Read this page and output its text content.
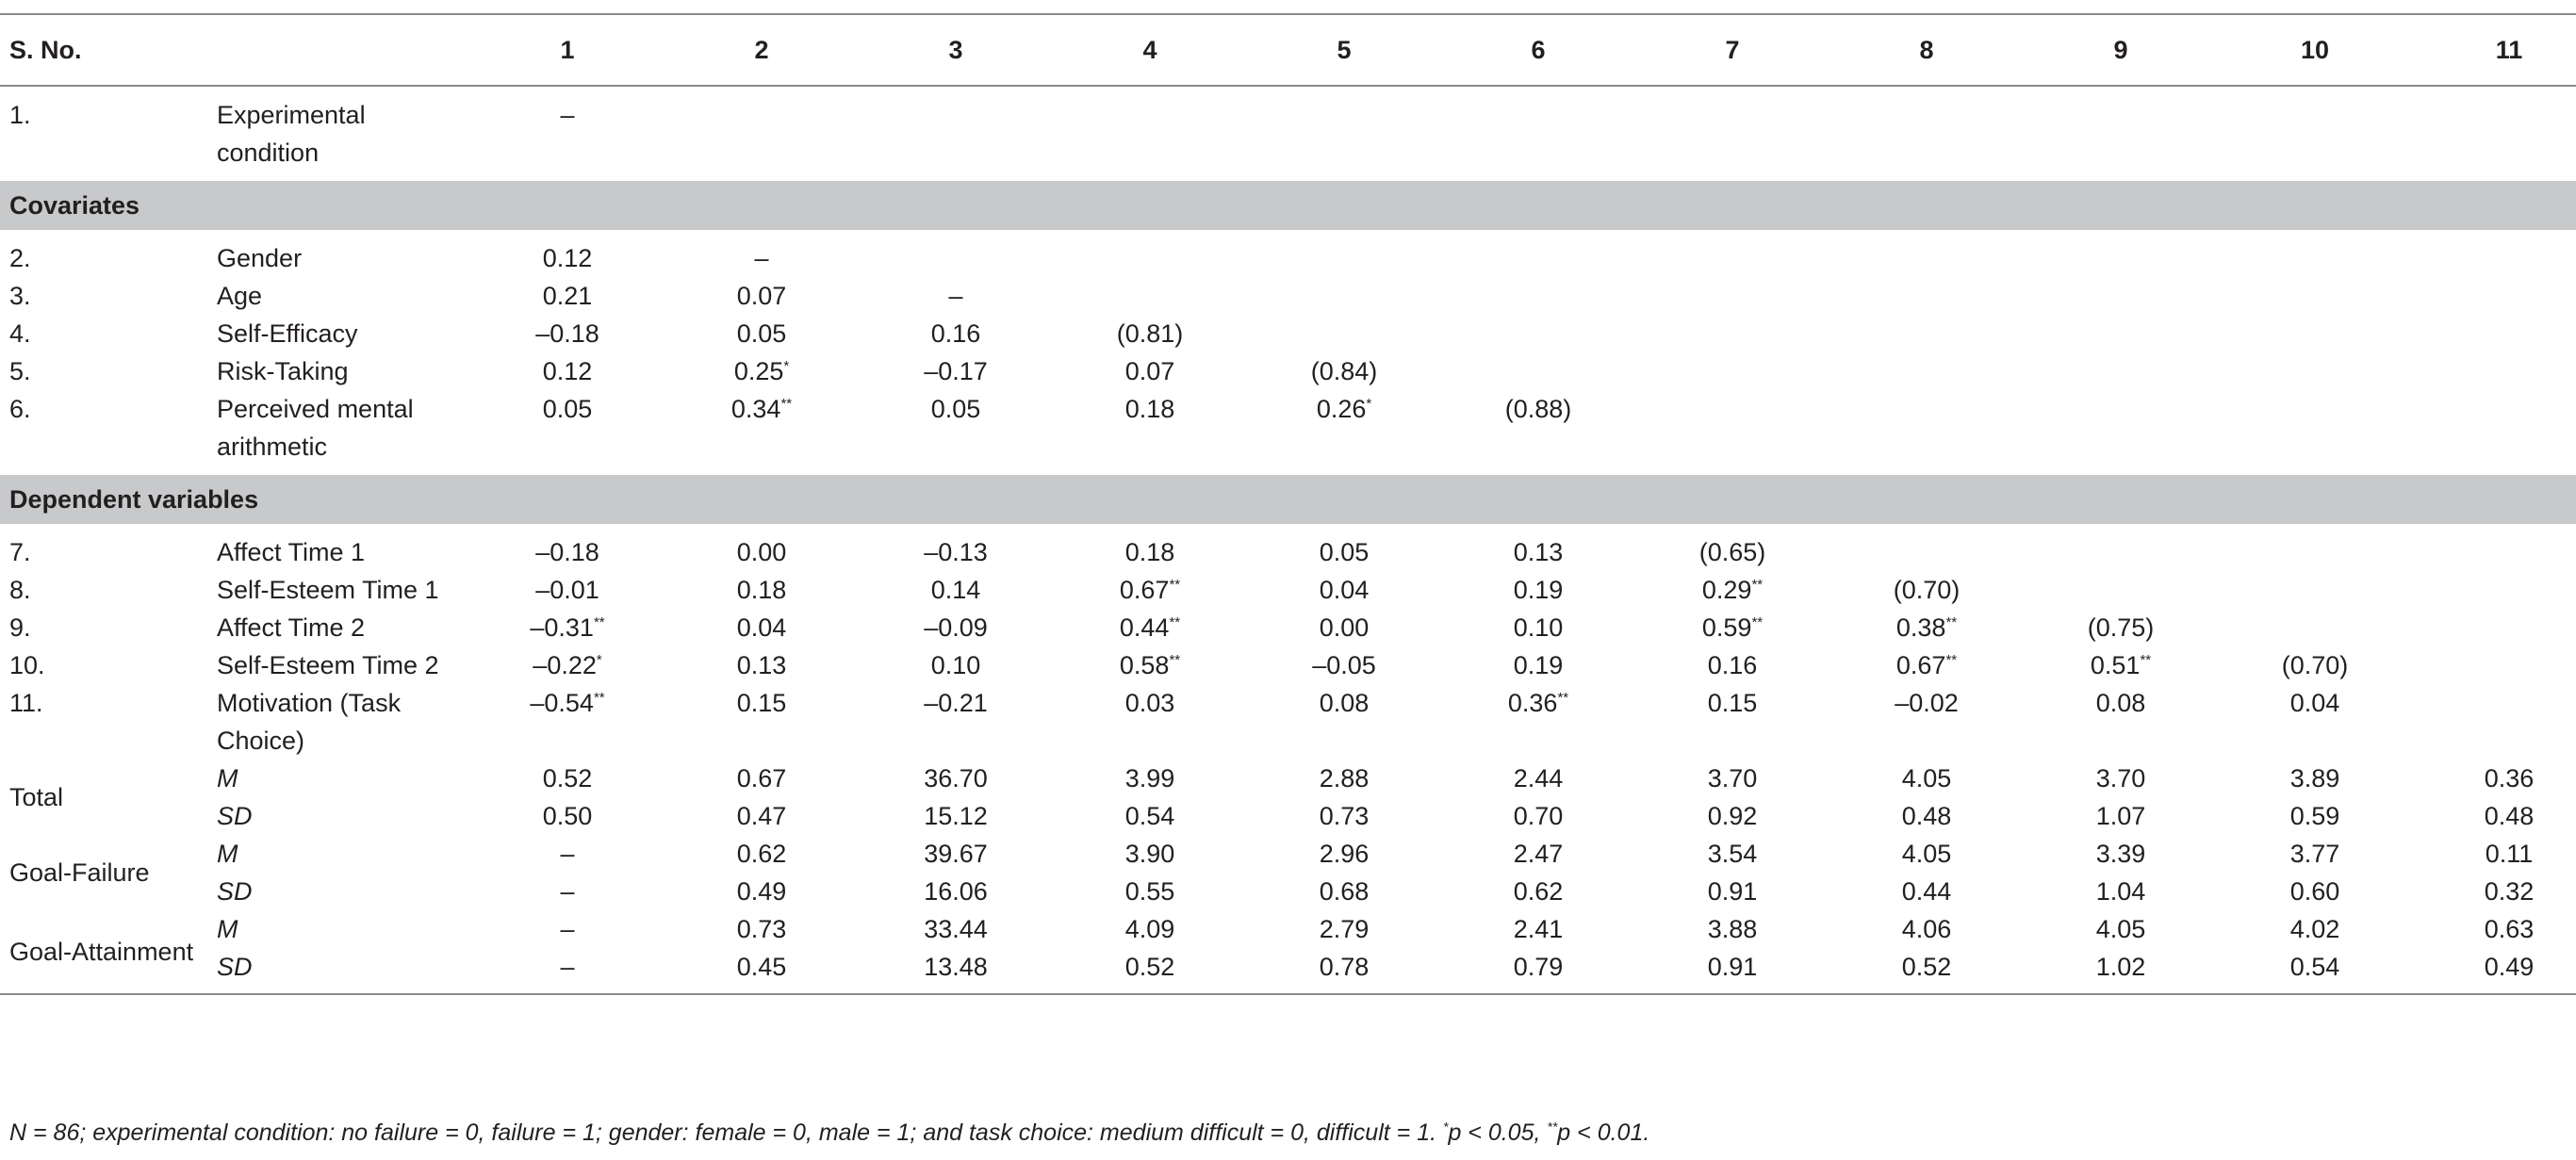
S. No.		1	2	3	4	5	6	7	8	9	10	11

1.	Experimental condition	–										

Covariates												

2.	Gender	0.12	–									
3.	Age	0.21	0.07	–								
4.	Self-Efficacy	–0.18	0.05	0.16	(0.81)							
5.	Risk-Taking	0.12	0.25*	–0.17	0.07	(0.84)						
6.	Perceived mental arithmetic	0.05	0.34**	0.05	0.18	0.26*	(0.88)					

Dependent variables												

7.	Affect Time 1	–0.18	0.00	–0.13	0.18	0.05	0.13	(0.65)				
8.	Self-Esteem Time 1	–0.01	0.18	0.14	0.67**	0.04	0.19	0.29**	(0.70)			
9.	Affect Time 2	–0.31**	0.04	–0.09	0.44**	0.00	0.10	0.59**	0.38**	(0.75)		
10.	Self-Esteem Time 2	–0.22*	0.13	0.10	0.58**	–0.05	0.19	0.16	0.67**	0.51**	(0.70)	
11.	Motivation (Task Choice)	–0.54**	0.15	–0.21	0.03	0.08	0.36**	0.15	–0.02	0.08	0.04	
Total	M	0.52	0.67	36.70	3.99	2.88	2.44	3.70	4.05	3.70	3.89	0.36
	SD	0.50	0.47	15.12	0.54	0.73	0.70	0.92	0.48	1.07	0.59	0.48
Goal-Failure	M	–	0.62	39.67	3.90	2.96	2.47	3.54	4.05	3.39	3.77	0.11
	SD	–	0.49	16.06	0.55	0.68	0.62	0.91	0.44	1.04	0.60	0.32
Goal-Attainment	M	–	0.73	33.44	4.09	2.79	2.41	3.88	4.06	4.05	4.02	0.63
	SD	–	0.45	13.48	0.52	0.78	0.79	0.91	0.52	1.02	0.54	0.49
N = 86; experimental condition: no failure = 0, failure = 1; gender: female = 0, male = 1; and task choice: medium difficult = 0, difficult = 1. *p < 0.05, **p < 0.01.
